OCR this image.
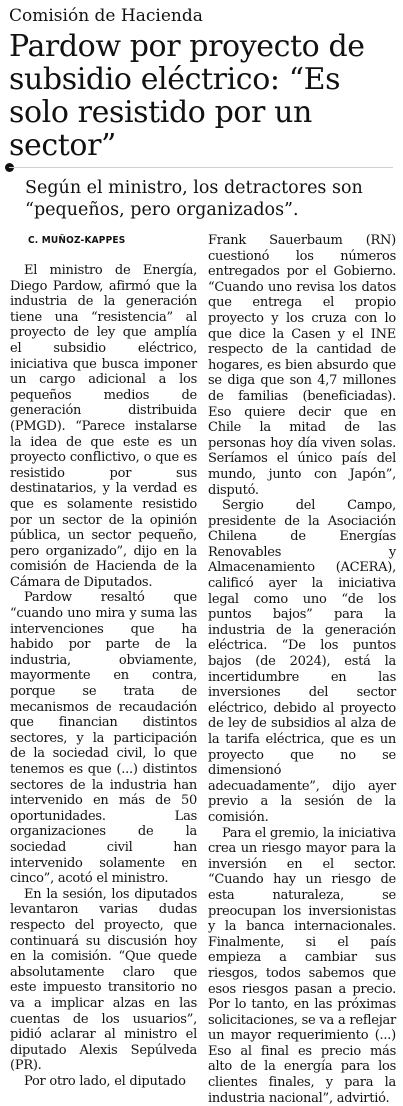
Comisión de Hacienda
Pardow por proyecto de subsidio eléctrico: “Es solo resistido por un sector”
Según el ministro, los detractores son “pequeños, pero organizados”.
C. MUÑOZ-KAPPES

El ministro de Energía, Diego Pardow, afirmó que la industria de la generación tiene una “resistencia” al proyecto de ley que amplía el subsidio eléctrico, iniciativa que busca imponer un cargo adicional a los pequeños medios de generación distribuida (PMGD). “Parece instalarse la idea de que este es un proyecto conflictivo, o que es resistido por sus destinatarios, y la verdad es que es solamente resistido por un sector de la opinión pública, un sector pequeño, pero organizado”, dijo en la comisión de Hacienda de la Cámara de Diputados.

Pardow resaltó que “cuando uno mira y suma las intervenciones que ha habido por parte de la industria, obviamente, mayormente en contra, porque se trata de mecanismos de recaudación que financian distintos sectores, y la participación de la sociedad civil, lo que tenemos es que (...) distintos sectores de la industria han intervenido en más de 50 oportunidades. Las organizaciones de la sociedad civil han intervenido solamente en cinco”, acotó el ministro.

En la sesión, los diputados levantaron varias dudas respecto del proyecto, que continuará su discusión hoy en la comisión. “Que quede absolutamente claro que este impuesto transitorio no va a implicar alzas en las cuentas de los usuarios”, pidió aclarar al ministro el diputado Alexis Sepúlveda (PR).

Por otro lado, el diputado

Frank Sauerbaum (RN) cuestionó los números entregados por el Gobierno. “Cuando uno revisa los datos que entrega el propio proyecto y los cruza con lo que dice la Casen y el INE respecto de la cantidad de hogares, es bien absurdo que se diga que son 4,7 millones de familias (beneficiadas). Eso quiere decir que en Chile la mitad de las personas hoy día viven solas. Seríamos el único país del mundo, junto con Japón”, disputó.

Sergio del Campo, presidente de la Asociación Chilena de Energías Renovables y Almacenamiento (ACERA), calificó ayer la iniciativa legal como uno “de los puntos bajos” para la industria de la generación eléctrica. “De los puntos bajos (de 2024), está la incertidumbre en las inversiones del sector eléctrico, debido al proyecto de ley de subsidios al alza de la tarifa eléctrica, que es un proyecto que no se dimensionó adecuadamente”, dijo ayer previo a la sesión de la comisión.

Para el gremio, la iniciativa crea un riesgo mayor para la inversión en el sector. “Cuando hay un riesgo de esta naturaleza, se preocupan los inversionistas y la banca internacionales. Finalmente, si el país empieza a cambiar sus riesgos, todos sabemos que esos riesgos pasan a precio. Por lo tanto, en las próximas solicitaciones, se va a reflejar un mayor requerimiento (...) Eso al final es precio más alto de la energía para los clientes finales, y para la industria nacional”, advirtió.
